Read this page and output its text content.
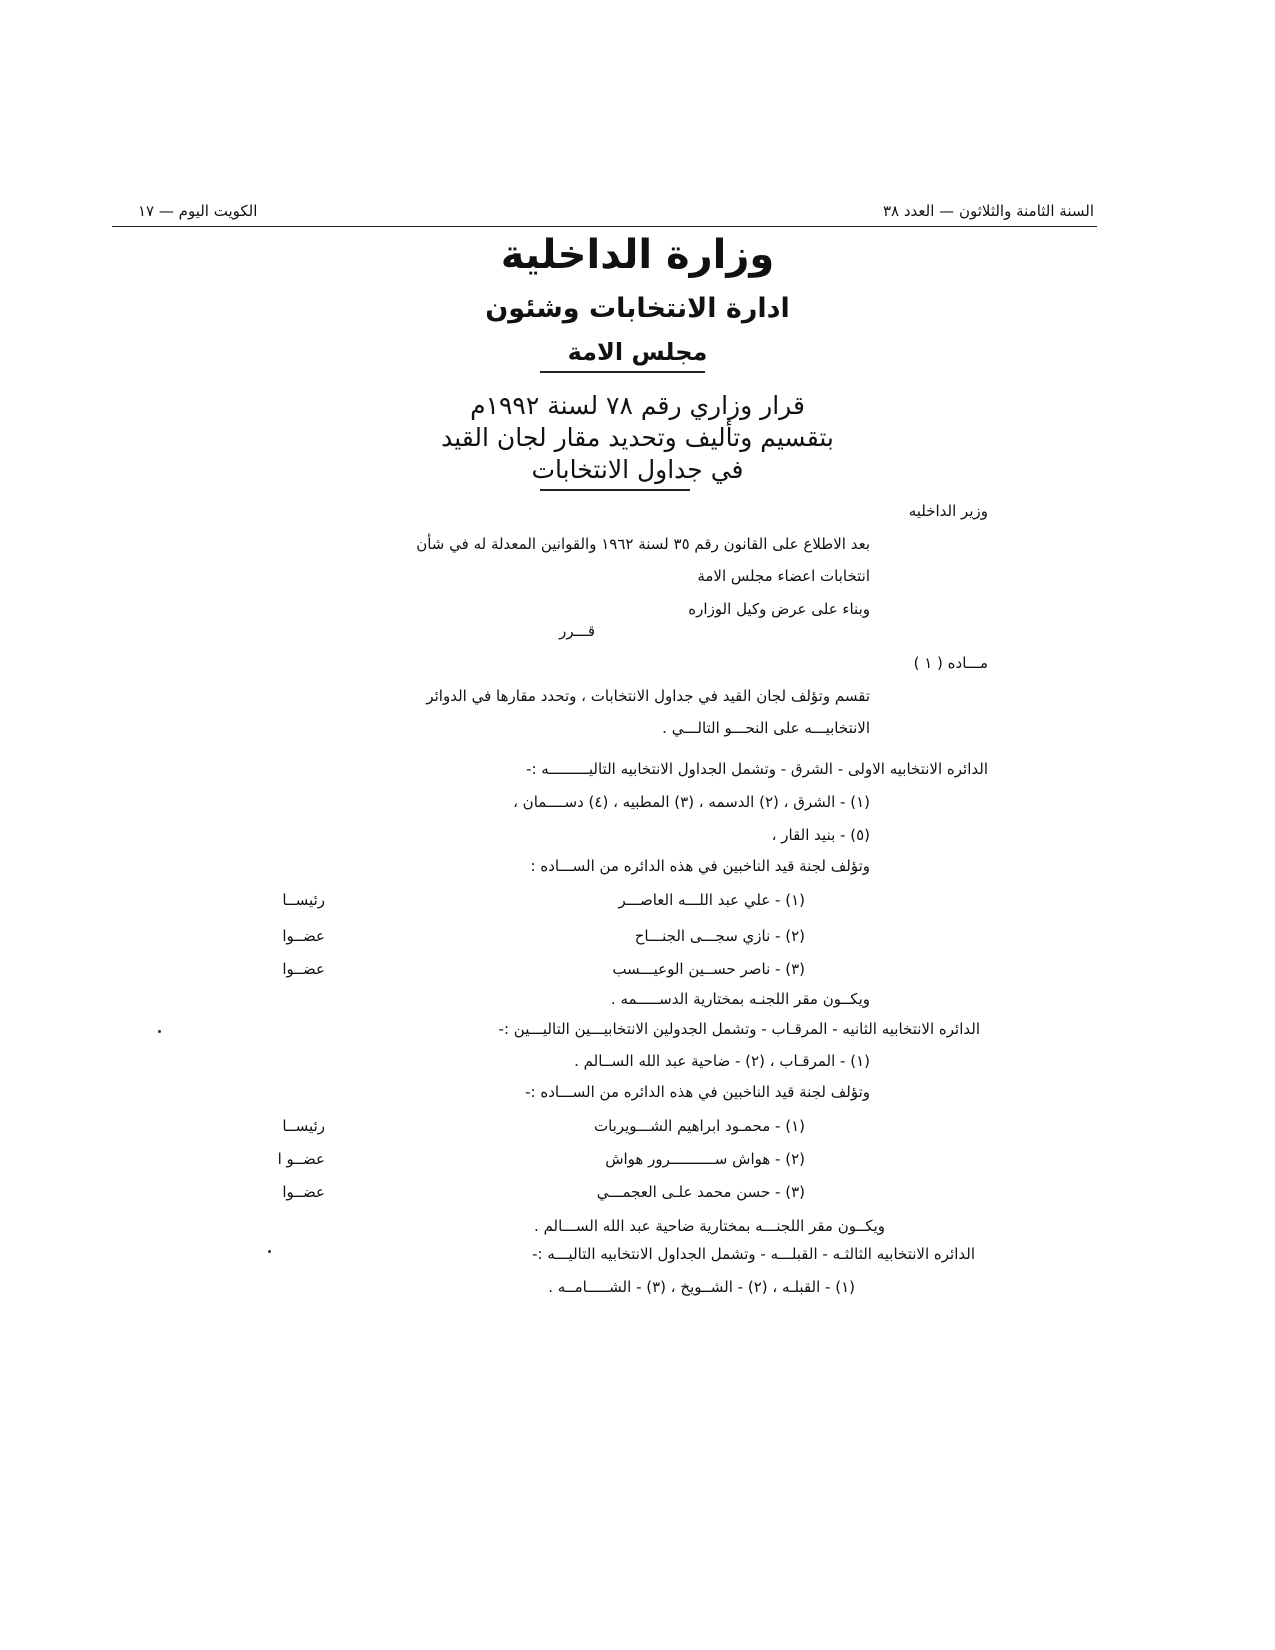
السنة الثامنة والثلاثون — العدد ٣٨
الكويت اليوم — ١٧
وزارة الداخلية
ادارة الانتخابات وشئون
مجلس الامة
قرار وزاري رقم ٧٨ لسنة ١٩٩٢م
بتقسيم وتأليف وتحديد مقار لجان القيد
في جداول الانتخابات
وزير الداخليه
بعد الاطلاع على القانون رقم ٣٥ لسنة ١٩٦٢ والقوانين المعدلة له في شأن
انتخابات اعضاء مجلس الامة
وبناء على عرض وكيل الوزاره
قـــرر
مـــاده ( ١ )
تقسم وتؤلف لجان القيد في جداول الانتخابات ، وتحدد مقارها في الدوائر
الانتخابيـــه على النحـــو التالـــي .
الدائره الانتخابيه الاولى - الشرق - وتشمل الجداول الانتخابيه التاليـــــــــه :-
(١) - الشرق ، (٢) الدسمه ، (٣) المطبيه ، (٤) دســــمان ،
(٥) - بنيد القار ،
وتؤلف لجنة قيد الناخبين في هذه الدائره من الســـاده :
(١) - علي عبد اللـــه العاصـــر
رئيســا
(٢) - نازي سجـــى الجنـــاح
عضــوا
(٣) - ناصر حســين الوعيـــسب
عضــوا
ويكــون مقر اللجنـه بمختارية الدســـــمه .
الدائره الانتخابيه الثانيه - المرقـاب - وتشمل الجدولين الانتخابيـــين التاليـــين :-
(١) - المرقـاب ، (٢) - ضاحية عبد الله الســالم .
وتؤلف لجنة قيد الناخبين في هذه الدائره من الســـاده :-
(١) - محمـود ابراهيم الشـــويربات
رئيســا
(٢) - هواش ســــــــــرور هواش
عضــو ا
(٣) - حسن محمد علـى العجمـــي
عضــوا
ويكــون مقر اللجنـــه بمختارية ضاحية عبد الله الســـالم .
الدائره الانتخابيه الثالثـه - القبلـــه - وتشمل الجداول الانتخابيه التاليـــه :-
(١) - القبلـه ، (٢) - الشــويخ ، (٣) - الشـــــامــه .
